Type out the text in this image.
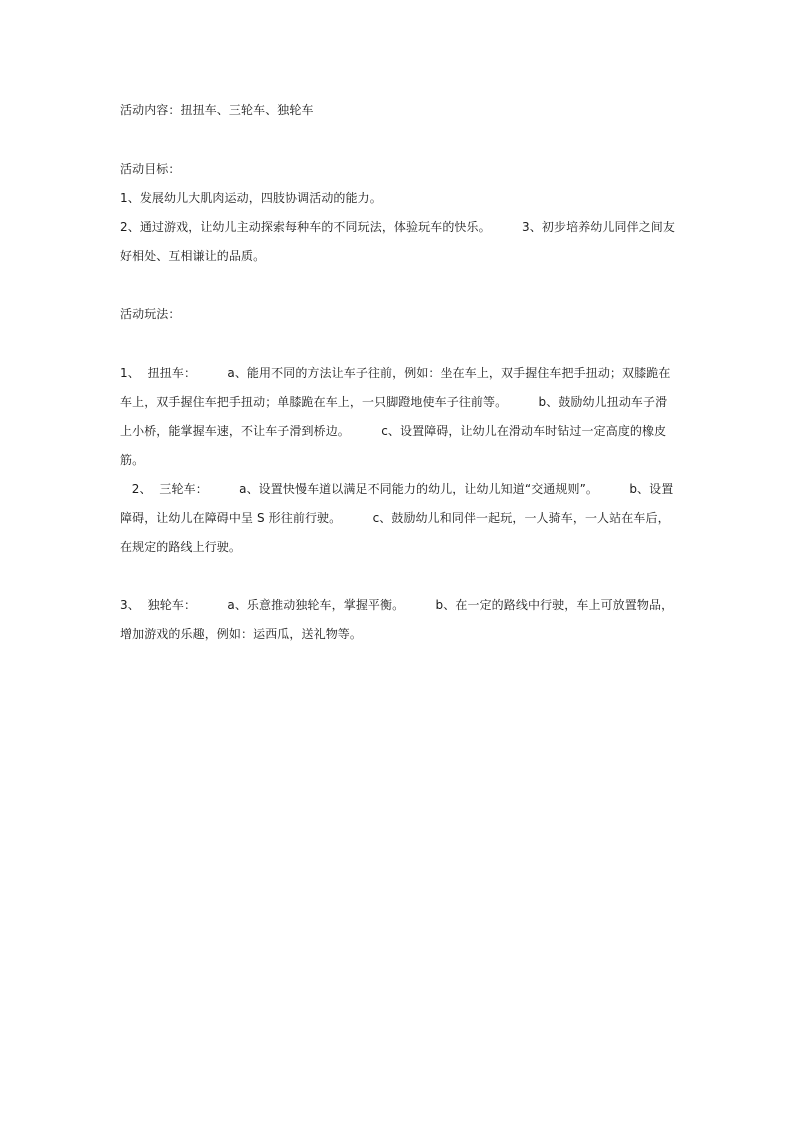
活动内容：扭扭车、三轮车、独轮车
活动目标：
1、发展幼儿大肌肉运动，四肢协调活动的能力。
2、通过游戏，让幼儿主动探索每种车的不同玩法，体验玩车的快乐。        3、初步培养幼儿同伴之间友好相处、互相谦让的品质。
活动玩法：
1、  扭扭车：        a、能用不同的方法让车子往前，例如：坐在车上，双手握住车把手扭动；双膝跪在车上，双手握住车把手扭动；单膝跪在车上，一只脚蹬地使车子往前等。        b、鼓励幼儿扭动车子滑上小桥，能掌握车速，不让车子滑到桥边。        c、设置障碍，让幼儿在滑动车时钻过一定高度的橡皮筋。
2、  三轮车：        a、设置快慢车道以满足不同能力的幼儿，让幼儿知道“交通规则”。        b、设置障碍，让幼儿在障碍中呈 S 形往前行驶。        c、鼓励幼儿和同伴一起玩，一人骑车，一人站在车后，在规定的路线上行驶。
3、  独轮车：        a、乐意推动独轮车，掌握平衡。        b、在一定的路线中行驶，车上可放置物品，增加游戏的乐趣，例如：运西瓜，送礼物等。
